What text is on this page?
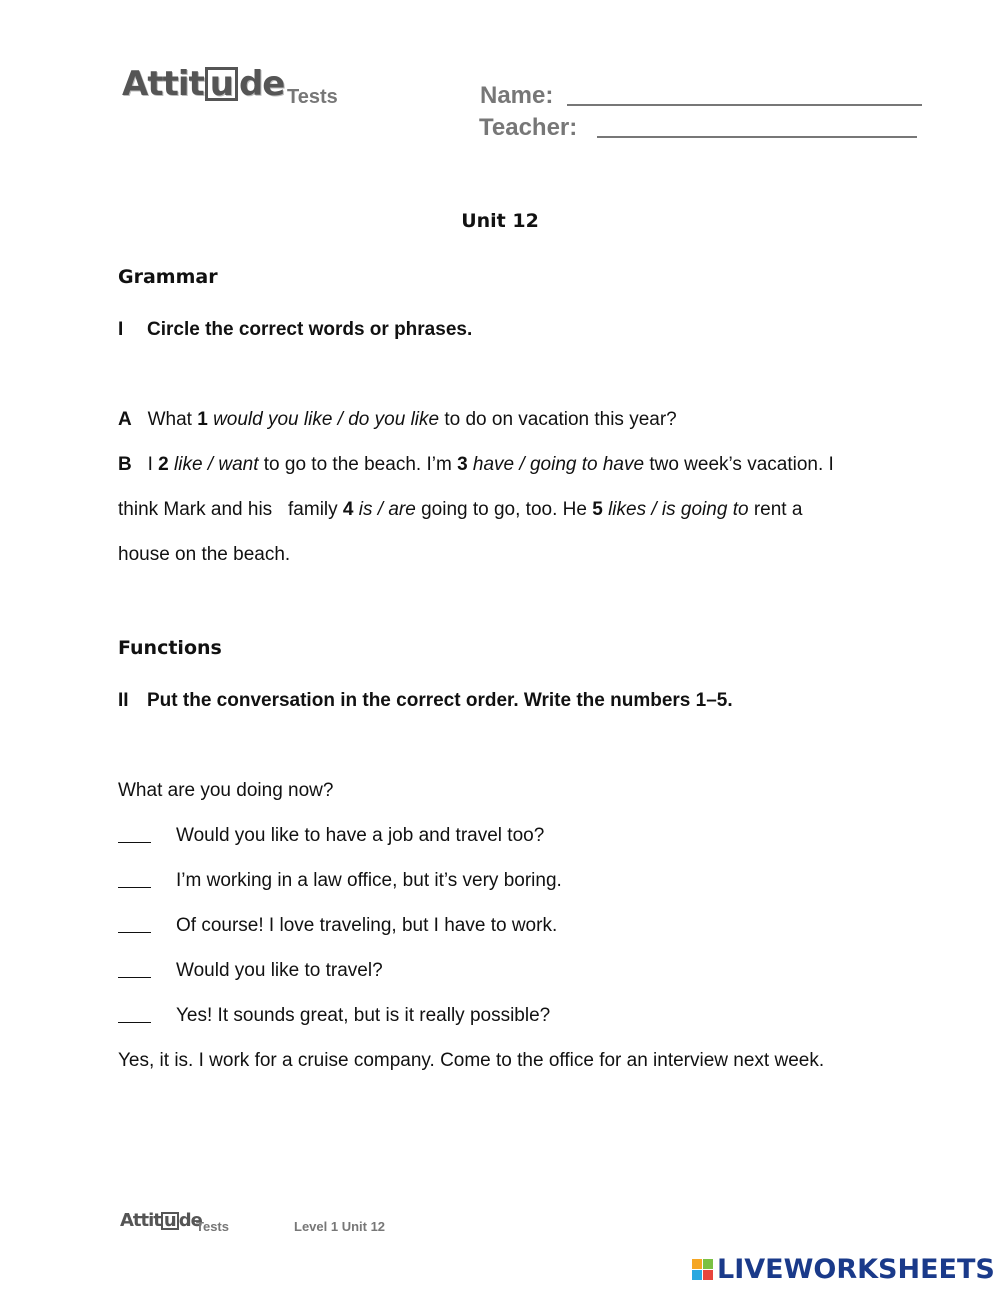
Attit u de Tests	Name:
Teacher:
Unit 12
Grammar
I Circle the correct words or phrases.
A What 1 would you like / do you like to do on vacation this year?
B I 2 like / want to go to the beach. I’m 3 have / going to have two week’s vacation. I
think Mark and his   family 4 is / are going to go, too. He 5 likes / is going to rent a
house on the beach.
Functions
II Put the conversation in the correct order. Write the numbers 1–5.
What are you doing now?
Would you like to have a job and travel too?
I’m working in a law office, but it’s very boring.
Of course! I love traveling, but I have to work.
Would you like to travel?
Yes! It sounds great, but is it really possible?
Yes, it is. I work for a cruise company. Come to the office for an interview next week.
Attit u de
Tests	Level 1 Unit 12
LIVEWORKSHEETS
